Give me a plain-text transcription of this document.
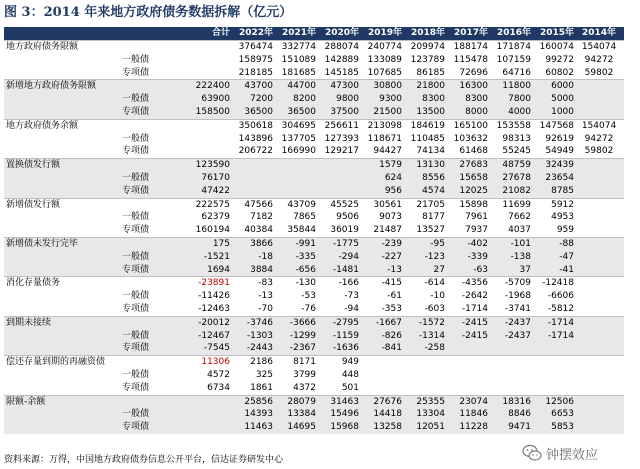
图 3：2014 年来地方政府债务数据拆解（亿元）
	合计	2022年	2021年	2020年	2019年	2018年	2017年	2016年	2015年	2014年
地方政府债务限额		376474	332774	288074	240774	209974	188174	171874	160074	154074
一般债		158975	151089	142889	133089	123789	115478	107159	99272	94272
专项债		218185	181685	145185	107685	86185	72696	64716	60802	59802
新增地方政府债务限额	222400	43700	44700	47300	30800	21800	16300	11800	6000	
一般债	63900	7200	8200	9800	9300	8300	8300	7800	5000	
专项债	158500	36500	36500	37500	21500	13500	8000	4000	1000	
地方政府债务余额		350618	304695	256611	213098	184619	165100	153558	147568	154074
一般债		143896	137705	127393	118671	110485	103632	98313	92619	94272
专项债		206722	166990	129217	94427	74134	61468	55245	54949	59802
置换债发行额	123590				1579	13130	27683	48759	32439	
一般债	76170				624	8556	15658	27678	23654	
专项债	47422				956	4574	12025	21082	8785	
新增债发行额	222575	47566	43709	45525	30561	21705	15898	11699	5912	
一般债	62379	7182	7865	9506	9073	8177	7961	7662	4953	
专项债	160194	40384	35844	36019	21487	13527	7937	4037	959	
新增债未发行完毕	175	3866	-991	-1775	-239	-95	-402	-101	-88	
一般债	-1521	-18	-335	-294	-227	-123	-339	-138	-47	
专项债	1694	3884	-656	-1481	-13	27	-63	37	-41	
消化存量债务	-23891	-83	-130	-166	-415	-614	-4356	-5709	-12418	
一般债	-11426	-13	-53	-73	-61	-10	-2642	-1968	-6606	
专项债	-12463	-70	-76	-94	-353	-603	-1714	-3741	-5812	
到期未接续	-20012	-3746	-3666	-2795	-1667	-1572	-2415	-2437	-1714	
一般债	-12467	-1303	-1299	-1159	-826	-1314	-2415	-2437	-1714	
专项债	-7545	-2443	-2367	-1636	-841	-258				
偿还存量到期的再融资债	11306	2186	8171	949						
一般债	4572	325	3799	448						
专项债	6734	1861	4372	501						
限额-余额		25856	28079	31463	27676	25355	23074	18316	12506	
一般债		14393	13384	15496	14418	13304	11846	8846	6653	
专项债		11463	14695	15968	13258	12051	11228	9471	5853	
资料来源：万得，中国地方政府债券信息公开平台，信达证券研发中心	钟摆效应
